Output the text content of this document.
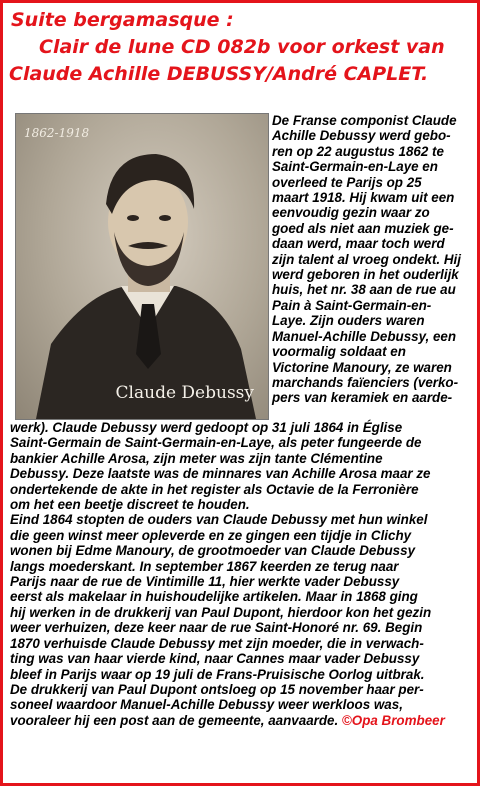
Suite bergamasque :
Clair de lune CD 082b voor orkest van
Claude Achille DEBUSSY/André CAPLET.
1862-1918
Claude Debussy
De Franse componist Claude
Achille Debussy werd gebo-
ren op 22 augustus 1862 te
Saint-Germain-en-Laye en
overleed te Parijs op 25
maart 1918. Hij kwam uit een
eenvoudig gezin waar zo
goed als niet aan muziek ge-
daan werd, maar toch werd
zijn talent al vroeg ondekt. Hij
werd geboren in het ouderlijk
huis, het nr. 38 aan de rue au
Pain à Saint-Germain-en-
Laye. Zijn ouders waren
Manuel-Achille Debussy, een
voormalig soldaat en
Victorine Manoury, ze waren
marchands faïenciers (verko-
pers van keramiek en aarde-
werk). Claude Debussy werd gedoopt op 31 juli 1864 in Église
Saint-Germain de Saint-Germain-en-Laye, als peter fungeerde de
bankier Achille Arosa, zijn meter was zijn tante Clémentine
Debussy. Deze laatste was de minnares van Achille Arosa maar ze
ondertekende de akte in het register als Octavie de la Ferronière
om het een beetje discreet te houden.
Eind 1864 stopten de ouders van Claude Debussy met hun winkel
die geen winst meer opleverde en ze gingen een tijdje in Clichy
wonen bij Edme Manoury, de grootmoeder van Claude Debussy
langs moederskant. In september 1867 keerden ze terug naar
Parijs naar de rue de Vintimille 11, hier werkte vader Debussy
eerst als makelaar in huishoudelijke artikelen. Maar in 1868 ging
hij werken in de drukkerij van Paul Dupont, hierdoor kon het gezin
weer verhuizen, deze keer naar de rue Saint-Honoré nr. 69. Begin
1870 verhuisde Claude Debussy met zijn moeder, die in verwach-
ting was van haar vierde kind, naar Cannes maar vader Debussy
bleef in Parijs waar op 19 juli de Frans-Pruisische Oorlog uitbrak.
De drukkerij van Paul Dupont ontsloeg op 15 november haar per-
soneel waardoor Manuel-Achille Debussy weer werkloos was,
vooraleer hij een post aan de gemeente, aanvaarde. ©Opa Brombeer
